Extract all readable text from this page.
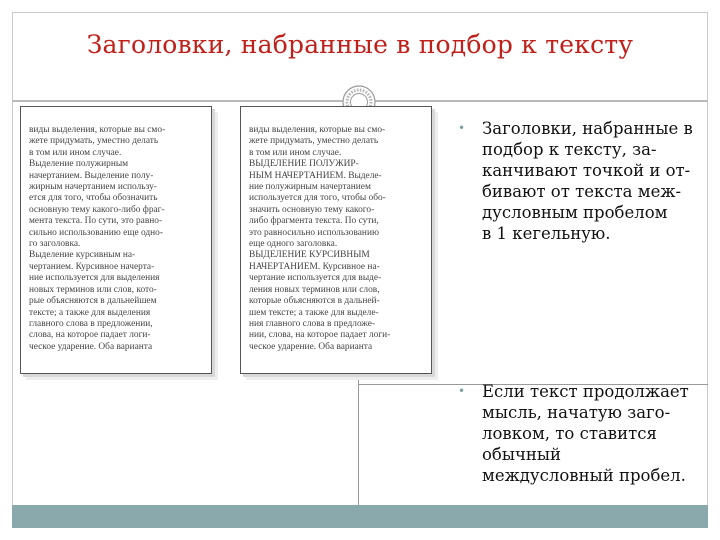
Заголовки, набранные в подбор к тексту
виды выделения, которые вы смо-
жете придумать, уместно делать
в том или ином случае.
Выделение полужирным
начертанием. Выделение полу-
жирным начертанием использу-
ется для того, чтобы обозначить
основную тему какого-либо фраг-
мента текста. По сути, это равно-
сильно использованию еще одно-
го заголовка.
Выделение курсивным на-
чертанием. Курсивное начерта-
ние используется для выделения
новых терминов или слов, кото-
рые объясняются в дальнейшем
тексте; а также для выделения
главного слова в предложении,
слова, на которое падает логи-
ческое ударение. Оба варианта
виды выделения, которые вы смо-
жете придумать, уместно делать
в том или ином случае.
ВЫДЕЛЕНИЕ ПОЛУЖИР-
НЫМ НАЧЕРТАНИЕМ. Выделе-
ние полужирным начертанием
используется для того, чтобы обо-
значить основную тему какого-
либо фрагмента текста. По сути,
это равносильно использованию
еще одного заголовка.
ВЫДЕЛЕНИЕ КУРСИВНЫМ
НАЧЕРТАНИЕМ. Курсивное на-
чертание используется для выде-
ления новых терминов или слов,
которые объясняются в дальней-
шем тексте; а также для выделе-
ния главного слова в предложе-
нии, слова, на которое падает логи-
ческое ударение. Оба варианта
• Заголовки, набранные в
подбор к тексту, за-
канчивают точкой и от-
бивают от текста меж-
дусловным пробелом
в 1 кегельную.
• Если текст продолжает
мысль, начатую заго-
ловком, то ставится
обычный
междусловный пробел.
